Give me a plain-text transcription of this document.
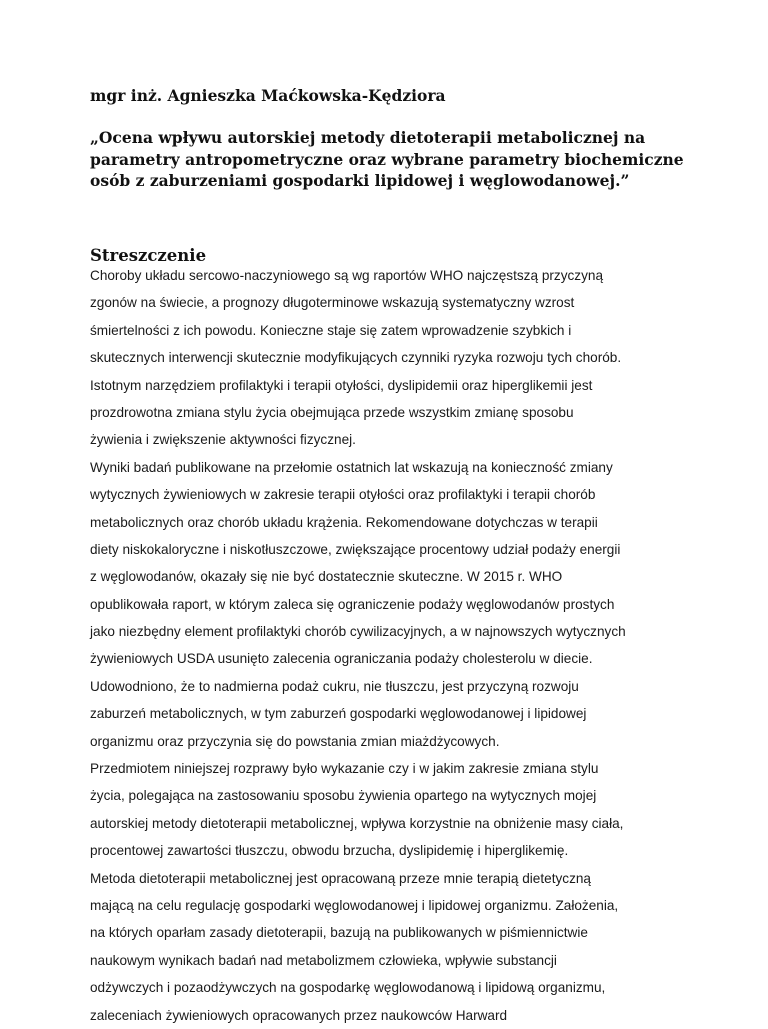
mgr inż. Agnieszka Maćkowska-Kędziora
„Ocena wpływu autorskiej metody dietoterapii metabolicznej na
parametry antropometryczne oraz wybrane parametry biochemiczne
osób z zaburzeniami gospodarki lipidowej i węglowodanowej.”
Streszczenie
Choroby układu sercowo-naczyniowego są wg raportów WHO najczęstszą przyczyną
zgonów na świecie, a prognozy długoterminowe wskazują systematyczny wzrost
śmiertelności z ich powodu. Konieczne staje się zatem wprowadzenie szybkich i
skutecznych interwencji skutecznie modyfikujących czynniki ryzyka rozwoju tych chorób.
Istotnym narzędziem profilaktyki i terapii otyłości, dyslipidemii oraz hiperglikemii jest
prozdrowotna zmiana stylu życia obejmująca przede wszystkim zmianę sposobu
żywienia i zwiększenie aktywności fizycznej.
Wyniki badań publikowane na przełomie ostatnich lat wskazują na konieczność zmiany
wytycznych żywieniowych w zakresie terapii otyłości oraz profilaktyki i terapii chorób
metabolicznych oraz chorób układu krążenia. Rekomendowane dotychczas w terapii
diety niskokaloryczne i niskotłuszczowe, zwiększające procentowy udział podaży energii
z węglowodanów, okazały się nie być dostatecznie skuteczne. W 2015 r. WHO
opublikowała raport, w którym zaleca się ograniczenie podaży węglowodanów prostych
jako niezbędny element profilaktyki chorób cywilizacyjnych, a w najnowszych wytycznych
żywieniowych USDA usunięto zalecenia ograniczania podaży cholesterolu w diecie.
Udowodniono, że to nadmierna podaż cukru, nie tłuszczu, jest przyczyną rozwoju
zaburzeń metabolicznych, w tym zaburzeń gospodarki węglowodanowej i lipidowej
organizmu oraz przyczynia się do powstania zmian miażdżycowych.
Przedmiotem niniejszej rozprawy było wykazanie czy i w jakim zakresie zmiana stylu
życia, polegająca na zastosowaniu sposobu żywienia opartego na wytycznych mojej
autorskiej metody dietoterapii metabolicznej, wpływa korzystnie na obniżenie masy ciała,
procentowej zawartości tłuszczu, obwodu brzucha, dyslipidemię i hiperglikemię.
Metoda dietoterapii metabolicznej jest opracowaną przeze mnie terapią dietetyczną
mającą na celu regulację gospodarki węglowodanowej i lipidowej organizmu. Założenia,
na których oparłam zasady dietoterapii, bazują na publikowanych w piśmiennictwie
naukowym wynikach badań nad metabolizmem człowieka, wpływie substancji
odżywczych i pozaodżywczych na gospodarkę węglowodanową i lipidową organizmu,
zaleceniach żywieniowych opracowanych przez naukowców Harward
